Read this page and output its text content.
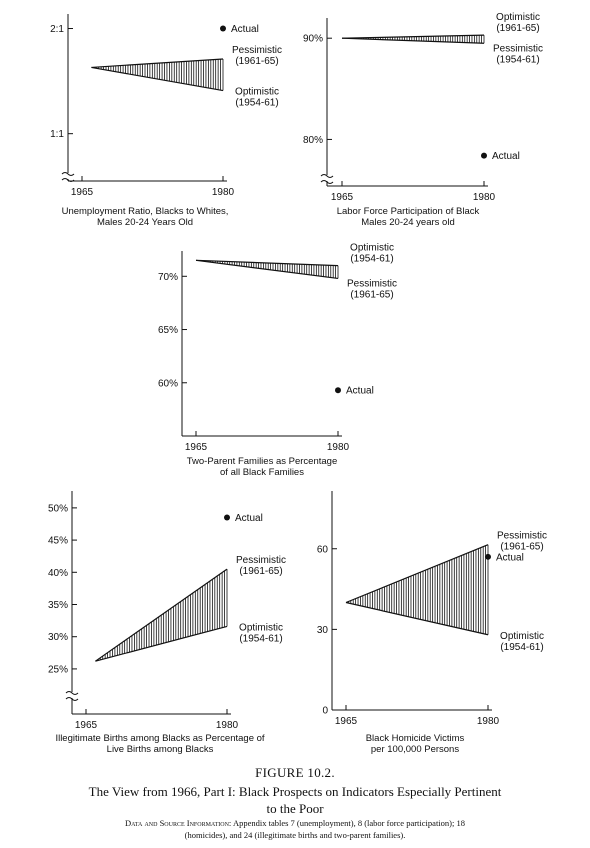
1:1
2:1
1965	1980
Pessimistic
(1961-65)
Optimistic
(1954-61)
Actual
Unemployment Ratio, Blacks to Whites,
Males 20-24 Years Old
80%
90%
1965	1980
Optimistic
(1961-65)
Pessimistic
(1954-61)
Actual
Labor Force Participation of Black
Males 20-24 years old
60%
65%
70%
1965	1980
Optimistic
(1954-61)
Pessimistic
(1961-65)
Actual
Two-Parent Families as Percentage
of all Black Families
25%
30%
35%
40%
45%
50%
1965	1980
Pessimistic
(1961-65)
Optimistic
(1954-61)
Actual
Illegitimate Births among Blacks as Percentage of
Live Births among Blacks
0
30
60
1965	1980
Pessimistic
(1961-65)
Optimistic
(1954-61)
Actual
Black Homicide Victims
per 100,000 Persons
FIGURE 10.2.
The View from 1966, Part I: Black Prospects on Indicators Especially Pertinent
to the Poor
Data and Source Information: Appendix tables 7 (unemployment), 8 (labor force participation); 18
(homicides), and 24 (illegitimate births and two-parent families).
